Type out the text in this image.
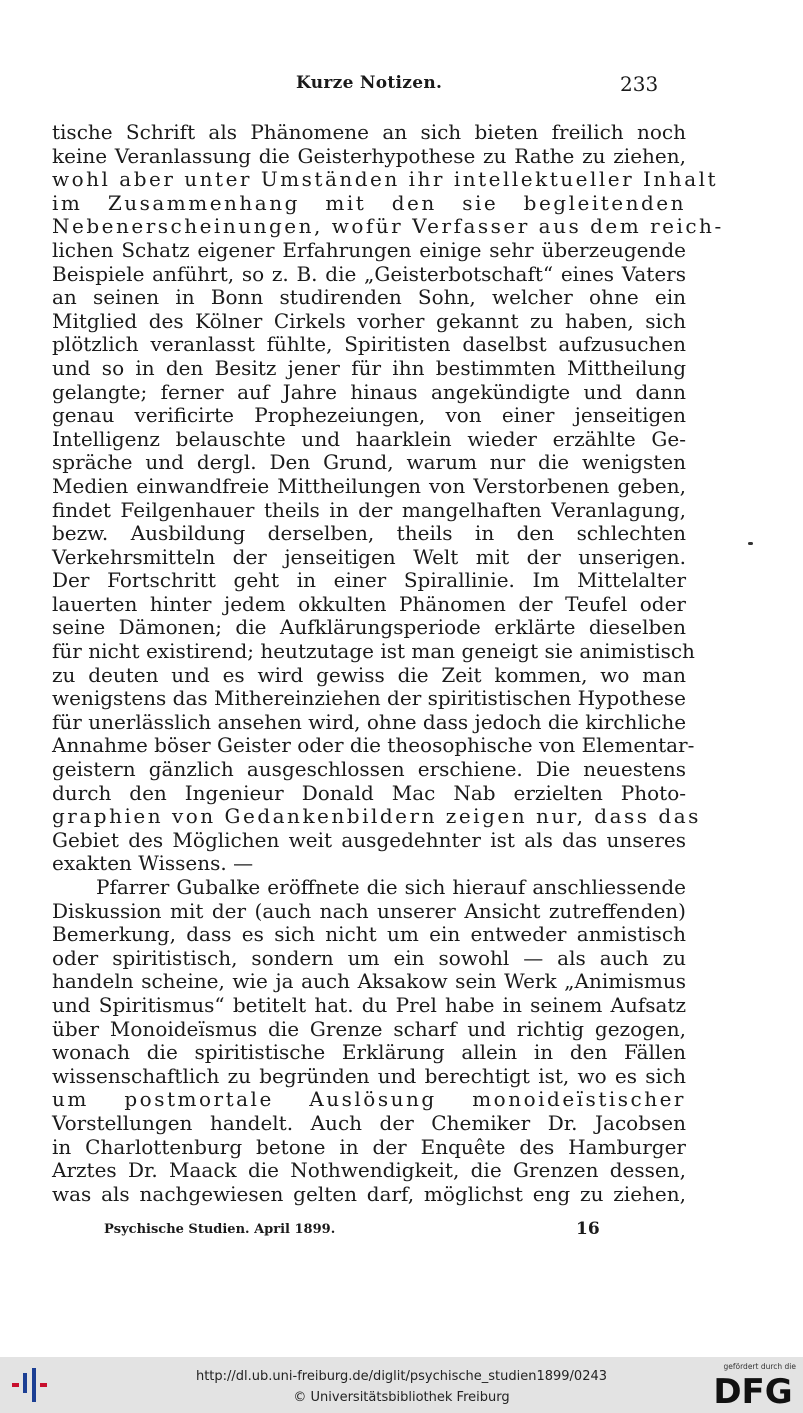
Kurze Notizen.	233
tische Schrift als Phänomene an sich bieten freilich noch
keine Veranlassung die Geisterhypothese zu Rathe zu ziehen,
wohl aber unter Umständen ihr intellektueller Inhalt
im Zusammenhang mit den sie begleitenden
Nebenerscheinungen, wofür Verfasser aus dem reich-
lichen Schatz eigener Erfahrungen einige sehr überzeugende
Beispiele anführt, so z. B. die „Geisterbotschaft“ eines Vaters
an seinen in Bonn studirenden Sohn, welcher ohne ein
Mitglied des Kölner Cirkels vorher gekannt zu haben, sich
plötzlich veranlasst fühlte, Spiritisten daselbst aufzusuchen
und so in den Besitz jener für ihn bestimmten Mittheilung
gelangte; ferner auf Jahre hinaus angekündigte und dann
genau verificirte Prophezeiungen, von einer jenseitigen
Intelligenz belauschte und haarklein wieder erzählte Ge-
spräche und dergl. Den Grund, warum nur die wenigsten
Medien einwandfreie Mittheilungen von Verstorbenen geben,
findet Feilgenhauer theils in der mangelhaften Veranlagung,
bezw. Ausbildung derselben, theils in den schlechten
Verkehrsmitteln der jenseitigen Welt mit der unserigen.
Der Fortschritt geht in einer Spirallinie. Im Mittelalter
lauerten hinter jedem okkulten Phänomen der Teufel oder
seine Dämonen; die Aufklärungsperiode erklärte dieselben
für nicht existirend; heutzutage ist man geneigt sie animistisch
zu deuten und es wird gewiss die Zeit kommen, wo man
wenigstens das Mithereinziehen der spiritistischen Hypothese
für unerlässlich ansehen wird, ohne dass jedoch die kirchliche
Annahme böser Geister oder die theosophische von Elementar-
geistern gänzlich ausgeschlossen erschiene. Die neuestens
durch den Ingenieur Donald Mac Nab erzielten Photo-
graphien von Gedankenbildern zeigen nur, dass das
Gebiet des Möglichen weit ausgedehnter ist als das unseres
exakten Wissens. —
Pfarrer Gubalke eröffnete die sich hierauf anschliessende
Diskussion mit der (auch nach unserer Ansicht zutreffenden)
Bemerkung, dass es sich nicht um ein entweder anmistisch
oder spiritistisch, sondern um ein sowohl — als auch zu
handeln scheine, wie ja auch Aksakow sein Werk „Animismus
und Spiritismus“ betitelt hat. du Prel habe in seinem Aufsatz
über Monoideïsmus die Grenze scharf und richtig gezogen,
wonach die spiritistische Erklärung allein in den Fällen
wissenschaftlich zu begründen und berechtigt ist, wo es sich
um postmortale Auslösung monoideïstischer
Vorstellungen handelt. Auch der Chemiker Dr. Jacobsen
in Charlottenburg betone in der Enquête des Hamburger
Arztes Dr. Maack die Nothwendigkeit, die Grenzen dessen,
was als nachgewiesen gelten darf, möglichst eng zu ziehen,
Psychische Studien. April 1899.	16
http://dl.ub.uni-freiburg.de/diglit/psychische_studien1899/0243
© Universitätsbibliothek Freiburg
gefördert durch die
DFG
